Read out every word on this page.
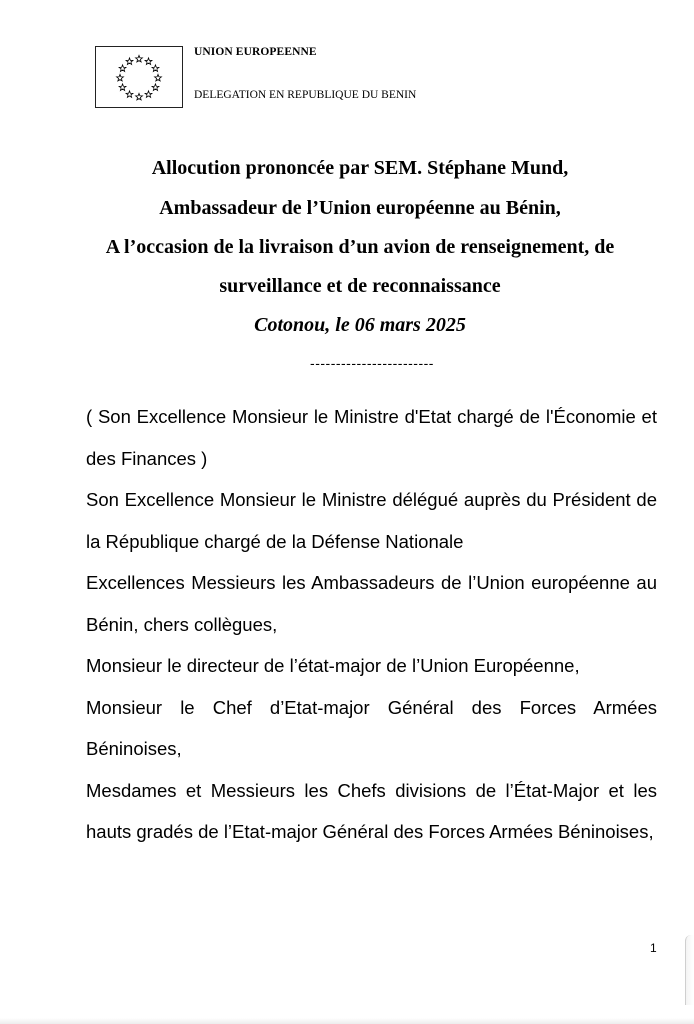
UNION EUROPEENNE
DELEGATION EN REPUBLIQUE DU BENIN
Allocution prononcée par SEM. Stéphane Mund,
Ambassadeur de l’Union européenne au Bénin,
A l’occasion de la livraison d’un avion de renseignement, de
surveillance et de reconnaissance
Cotonou, le 06 mars 2025
------------------------

( Son Excellence Monsieur le Ministre d'Etat chargé de l'Économie et des Finances )

Son Excellence Monsieur le Ministre délégué auprès du Président de la République chargé de la Défense Nationale

Excellences Messieurs les Ambassadeurs de l’Union européenne au Bénin, chers collègues,

Monsieur le directeur de l’état-major de l’Union Européenne,

Monsieur le Chef d’Etat-major Général des Forces Armées Béninoises,

Mesdames et Messieurs les Chefs divisions de l’État-Major et les hauts gradés de l’Etat-major Général des Forces Armées Béninoises,

1
